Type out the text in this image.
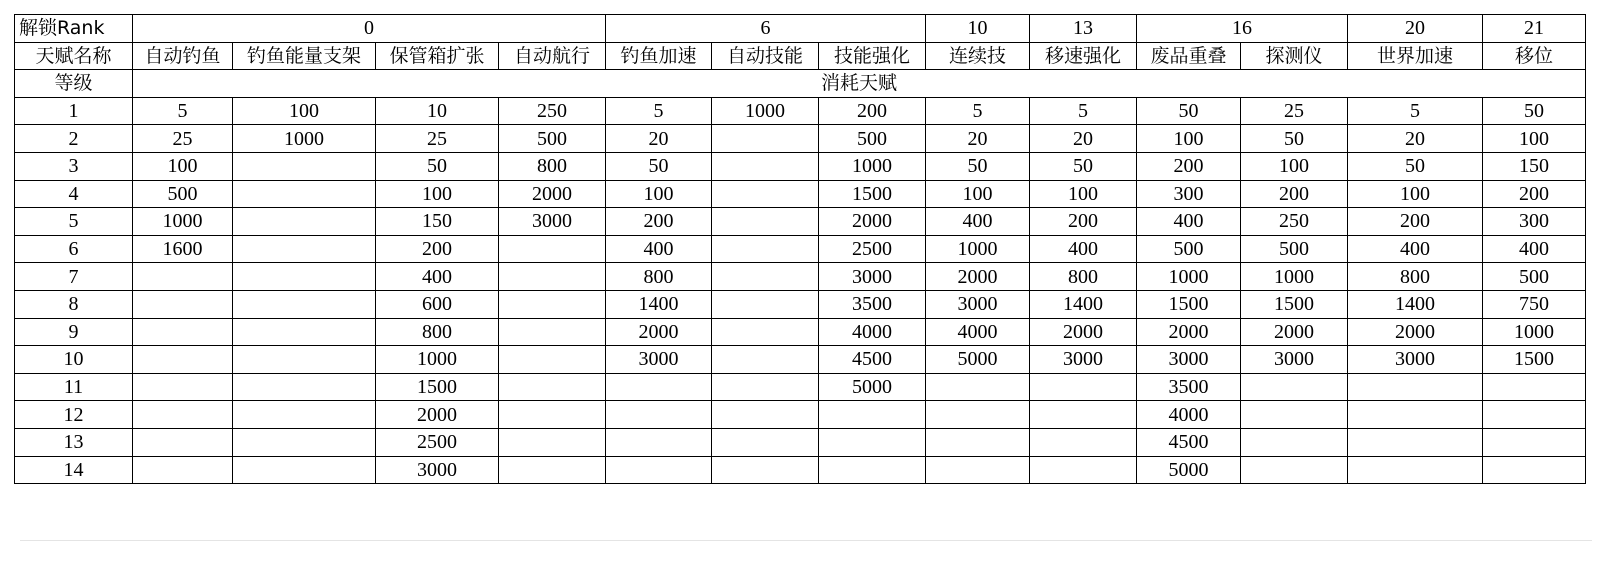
解锁Rank	0				6			10	13	16		20	21
天赋名称	自动钓鱼	钓鱼能量支架	保管箱扩张	自动航行	钓鱼加速	自动技能	技能强化	连续技	移速强化	废品重叠	探测仪	世界加速	移位
等级	消耗天赋												
1	5	100	10	250	5	1000	200	5	5	50	25	5	50
2	25	1000	25	500	20		500	20	20	100	50	20	100
3	100		50	800	50		1000	50	50	200	100	50	150
4	500		100	2000	100		1500	100	100	300	200	100	200
5	1000		150	3000	200		2000	400	200	400	250	200	300
6	1600		200		400		2500	1000	400	500	500	400	400
7			400		800		3000	2000	800	1000	1000	800	500
8			600		1400		3500	3000	1400	1500	1500	1400	750
9			800		2000		4000	4000	2000	2000	2000	2000	1000
10			1000		3000		4500	5000	3000	3000	3000	3000	1500
11			1500				5000			3500			
12			2000							4000			
13			2500							4500			
14			3000							5000			
